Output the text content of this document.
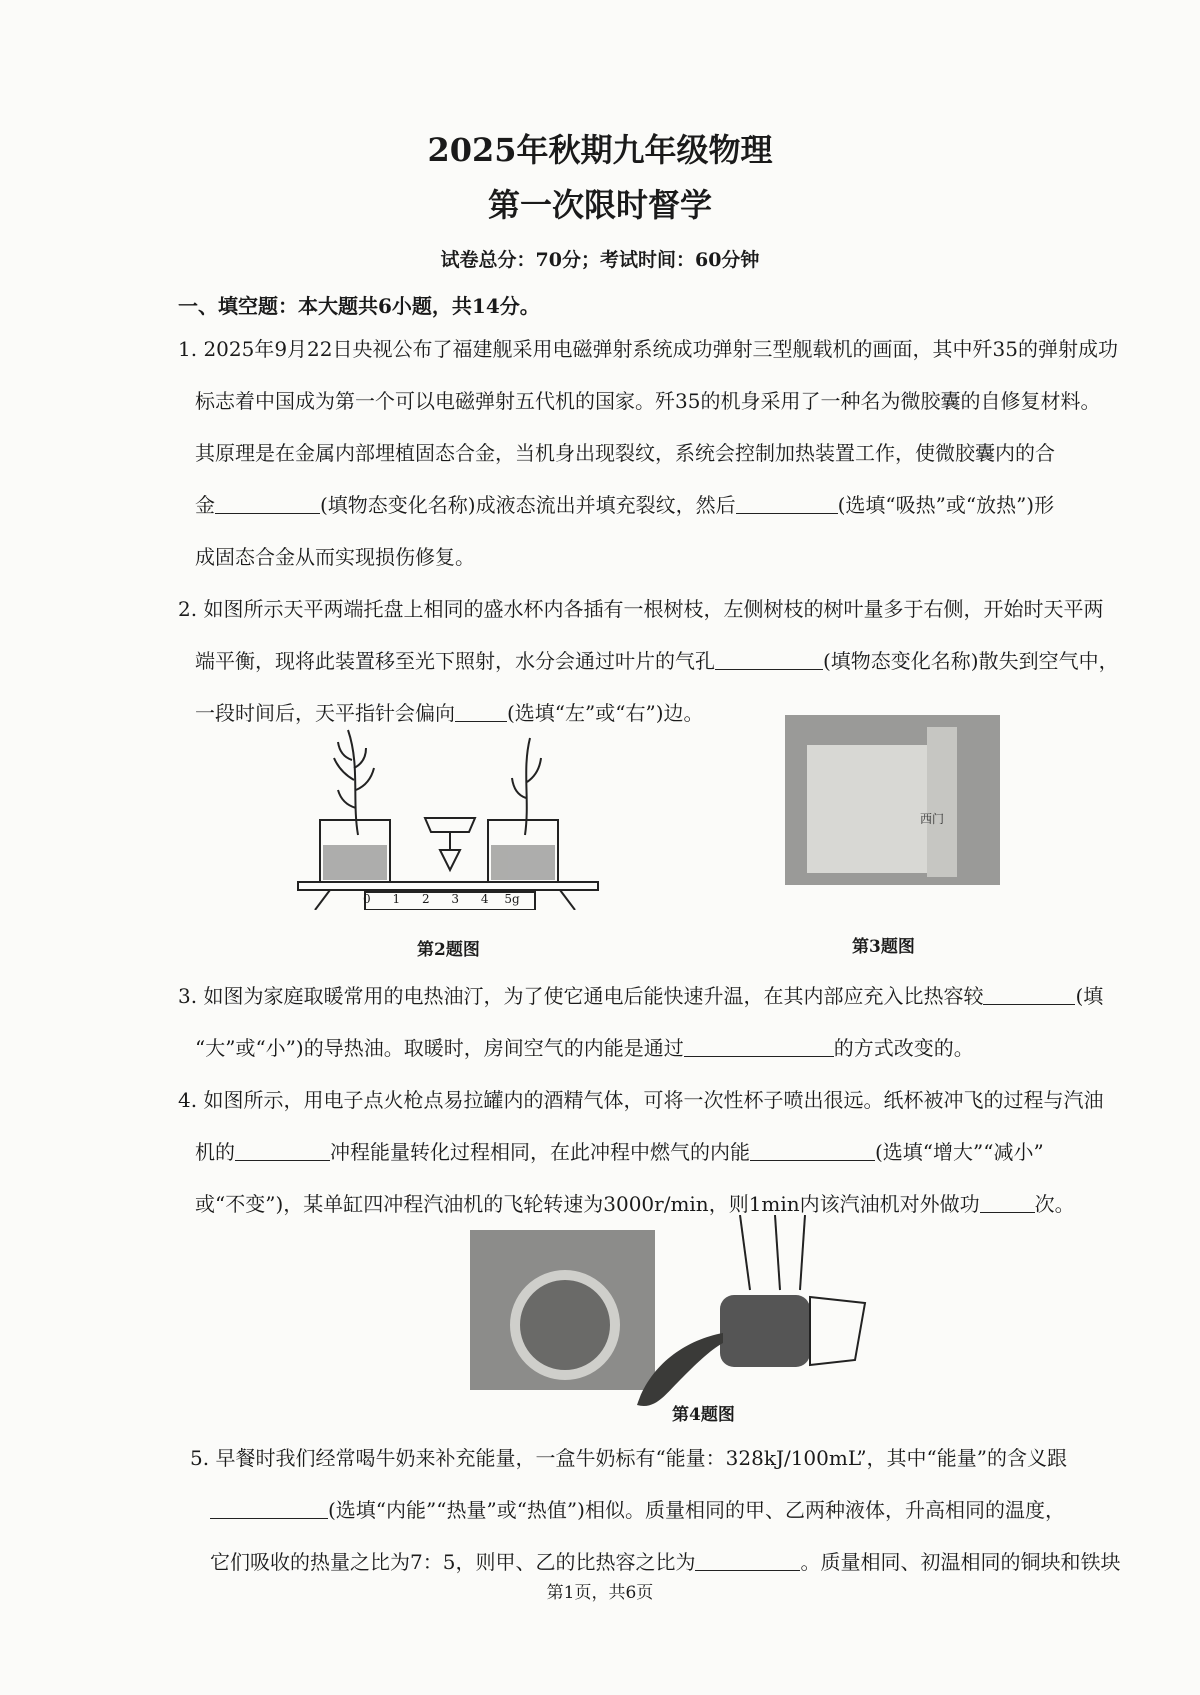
2025年秋期九年级物理
第一次限时督学
试卷总分：70分；考试时间：60分钟
一、填空题：本大题共6小题，共14分。
1. 2025年9月22日央视公布了福建舰采用电磁弹射系统成功弹射三型舰载机的画面，其中歼35的弹射成功
标志着中国成为第一个可以电磁弹射五代机的国家。歼35的机身采用了一种名为微胶囊的自修复材料。
其原理是在金属内部埋植固态合金，当机身出现裂纹，系统会控制加热装置工作，使微胶囊内的合
金	(填物态变化名称)成液态流出并填充裂纹，然后	(选填“吸热”或“放热”)形
成固态合金从而实现损伤修复。
2. 如图所示天平两端托盘上相同的盛水杯内各插有一根树枝，左侧树枝的树叶量多于右侧，开始时天平两
端平衡，现将此装置移至光下照射，水分会通过叶片的气孔	(填物态变化名称)散失到空气中，
一段时间后，天平指针会偏向	(选填“左”或“右”)边。
0 1 2 3 4 5g
第2题图
西门
第3题图
3. 如图为家庭取暖常用的电热油汀，为了使它通电后能快速升温，在其内部应充入比热容较	(填
“大”或“小”)的导热油。取暖时，房间空气的内能是通过	的方式改变的。
4. 如图所示，用电子点火枪点易拉罐内的酒精气体，可将一次性杯子喷出很远。纸杯被冲飞的过程与汽油
机的	冲程能量转化过程相同，在此冲程中燃气的内能	(选填“增大”“减小”
或“不变”)，某单缸四冲程汽油机的飞轮转速为3000r/min，则1min内该汽油机对外做功	次。
第4题图
5. 早餐时我们经常喝牛奶来补充能量，一盒牛奶标有“能量：328kJ/100mL”，其中“能量”的含义跟
(选填“内能”“热量”或“热值”)相似。质量相同的甲、乙两种液体，升高相同的温度，
它们吸收的热量之比为7：5，则甲、乙的比热容之比为	。质量相同、初温相同的铜块和铁块
第1页，共6页
